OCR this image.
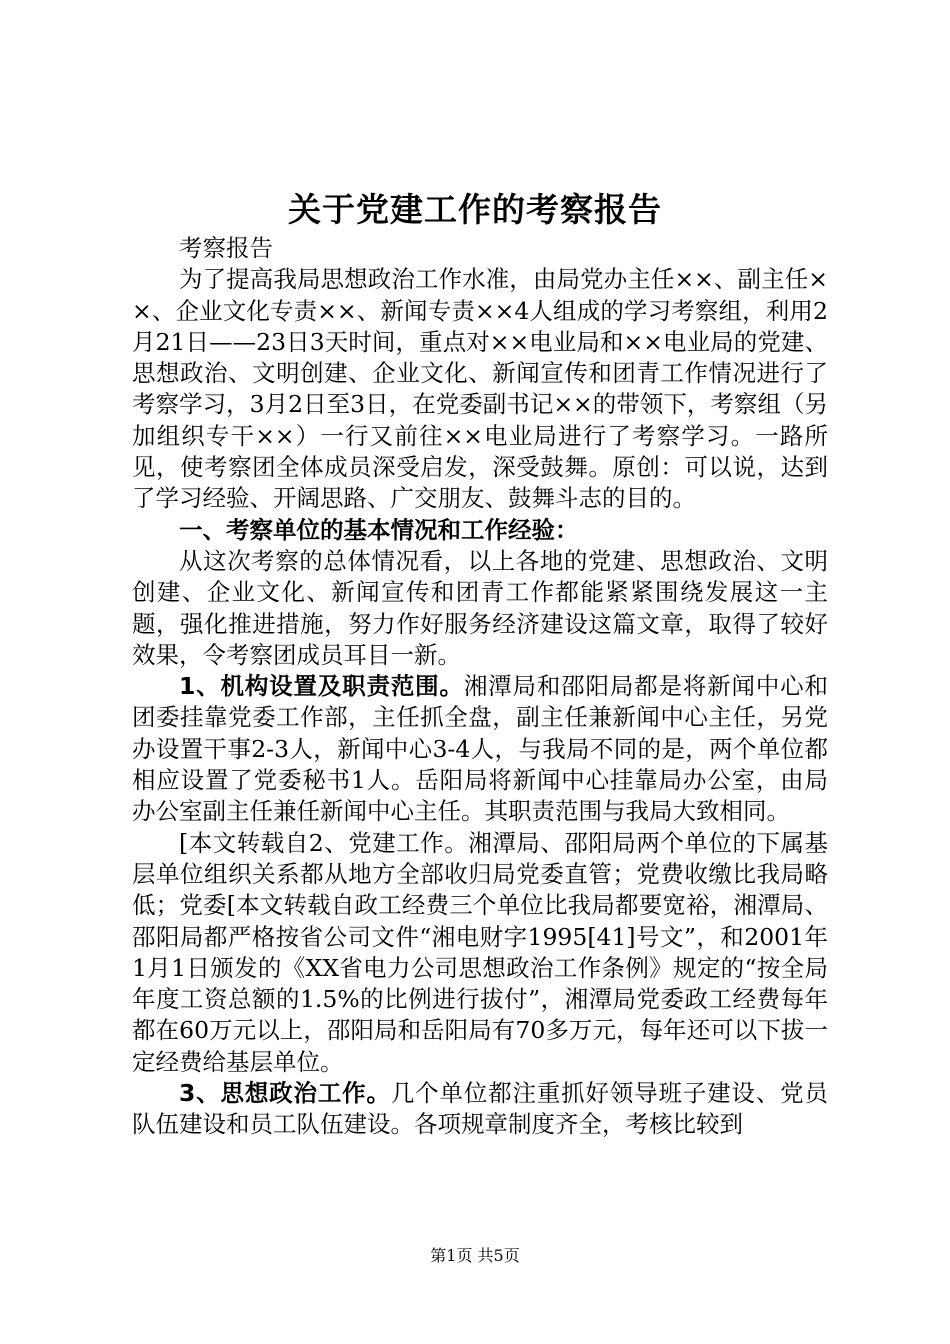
关于党建工作的考察报告

考察报告

为了提高我局思想政治工作水准，由局党办主任××、副主任××、企业文化专责××、新闻专责××4人组成的学习考察组，利用2月21日——23日3天时间，重点对××电业局和××电业局的党建、思想政治、文明创建、企业文化、新闻宣传和团青工作情况进行了考察学习，3月2日至3日，在党委副书记××的带领下，考察组（另加组织专干××）一行又前往××电业局进行了考察学习。一路所见，使考察团全体成员深受启发，深受鼓舞。原创：可以说，达到了学习经验、开阔思路、广交朋友、鼓舞斗志的目的。

一、考察单位的基本情况和工作经验：

从这次考察的总体情况看，以上各地的党建、思想政治、文明创建、企业文化、新闻宣传和团青工作都能紧紧围绕发展这一主题，强化推进措施，努力作好服务经济建设这篇文章，取得了较好效果，令考察团成员耳目一新。

1、机构设置及职责范围。湘潭局和邵阳局都是将新闻中心和团委挂靠党委工作部，主任抓全盘，副主任兼新闻中心主任，另党办设置干事2-3人，新闻中心3-4人，与我局不同的是，两个单位都相应设置了党委秘书1人。岳阳局将新闻中心挂靠局办公室，由局办公室副主任兼任新闻中心主任。其职责范围与我局大致相同。

[本文转载自2、党建工作。湘潭局、邵阳局两个单位的下属基层单位组织关系都从地方全部收归局党委直管；党费收缴比我局略低；党委[本文转载自政工经费三个单位比我局都要宽裕，湘潭局、邵阳局都严格按省公司文件“湘电财字1995[41]号文”，和2001年1月1日颁发的《XX省电力公司思想政治工作条例》规定的“按全局年度工资总额的1.5%的比例进行拔付”，湘潭局党委政工经费每年都在60万元以上，邵阳局和岳阳局有70多万元，每年还可以下拔一定经费给基层单位。

3、思想政治工作。几个单位都注重抓好领导班子建设、党员队伍建设和员工队伍建设。各项规章制度齐全，考核比较到

第1页 共5页
